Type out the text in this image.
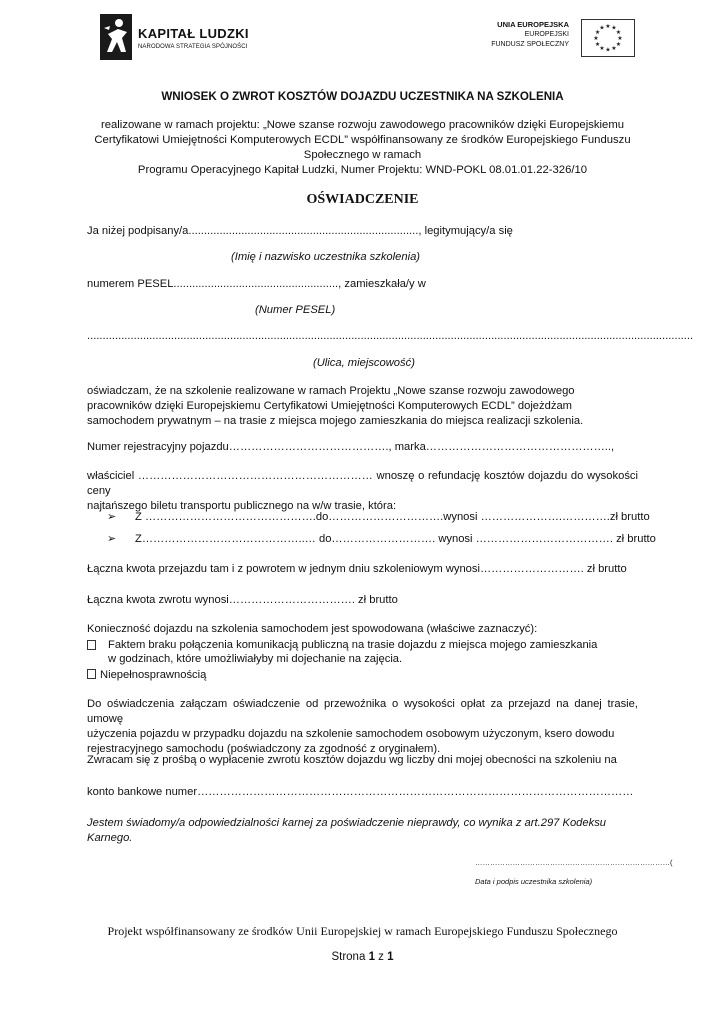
KAPITAŁ LUDZKI
NARODOWA STRATEGIA SPÓJNOŚCI
UNIA EUROPEJSKA
EUROPEJSKI
FUNDUSZ SPOŁECZNY
★ ★
★
★
★
★
★
★
★
★
★
★
WNIOSEK O ZWROT KOSZTÓW DOJAZDU UCZESTNIKA NA SZKOLENIA
realizowane w ramach projektu: „Nowe szanse rozwoju zawodowego pracowników dzięki Europejskiemu
Certyfikatowi Umiejętności Komputerowych ECDL” współfinansowany ze środków Europejskiego Funduszu
Społecznego w ramach
Programu Operacyjnego Kapitał Ludzki, Numer Projektu: WND-POKL 08.01.01.22-326/10
OŚWIADCZENIE
Ja niżej podpisany/a.........................................................................., legitymujący/a się
(Imię i nazwisko uczestnika szkolenia)
numerem PESEL....................................................., zamieszkała/y w
(Numer PESEL)
...................................................................................................................................................................................................
(Ulica, miejscowość)
oświadczam, że na szkolenie realizowane w ramach Projektu „Nowe szanse rozwoju zawodowego
pracowników dzięki Europejskiemu Certyfikatowi Umiejętności Komputerowych ECDL” dojeżdżam
samochodem prywatnym – na trasie z miejsca mojego zamieszkania do miejsca realizacji szkolenia.
Numer rejestracyjny pojazdu……………………………………., marka…………………………………………..,
właściciel ……………………………………………………… wnoszę o refundację kosztów dojazdu do wysokości ceny
najtańszego biletu transportu publicznego na w/w trasie, która:
➢ Z ……………………………………….do………………………….wynosi ………………….………….zł brutto
➢ Z……………………………………..… do………………………. wynosi ………………………………. zł brutto
Łączna kwota przejazdu tam i z powrotem w jednym dniu szkoleniowym wynosi………………………. zł brutto
Łączna kwota zwrotu wynosi……………………………. zł brutto
Konieczność dojazdu na szkolenia samochodem jest spowodowana (właściwe zaznaczyć):
Faktem braku połączenia komunikacją publiczną na trasie dojazdu z miejsca mojego zamieszkania
w godzinach, które umożliwiałyby mi dojechanie na zajęcia.
Niepełnosprawnością
Do oświadczenia załączam oświadczenie od przewoźnika o wysokości opłat za przejazd na danej trasie, umowę
użyczenia pojazdu w przypadku dojazdu na szkolenie samochodem osobowym użyczonym, ksero dowodu
rejestracyjnego samochodu (poświadczony za zgodność z oryginałem).
Zwracam się z prośbą o wypłacenie zwrotu kosztów dojazdu wg liczby dni mojej obecności na szkoleniu na
konto bankowe numer………………………………………………………………………………………………………
Jestem świadomy/a odpowiedzialności karnej za poświadczenie nieprawdy, co wynika z art.297 Kodeksu
Karnego.
……………………………………………………………………(
Data i podpis uczestnika szkolenia)
Projekt współfinansowany ze środków Unii Europejskiej w ramach Europejskiego Funduszu Społecznego
Strona 1 z 1
